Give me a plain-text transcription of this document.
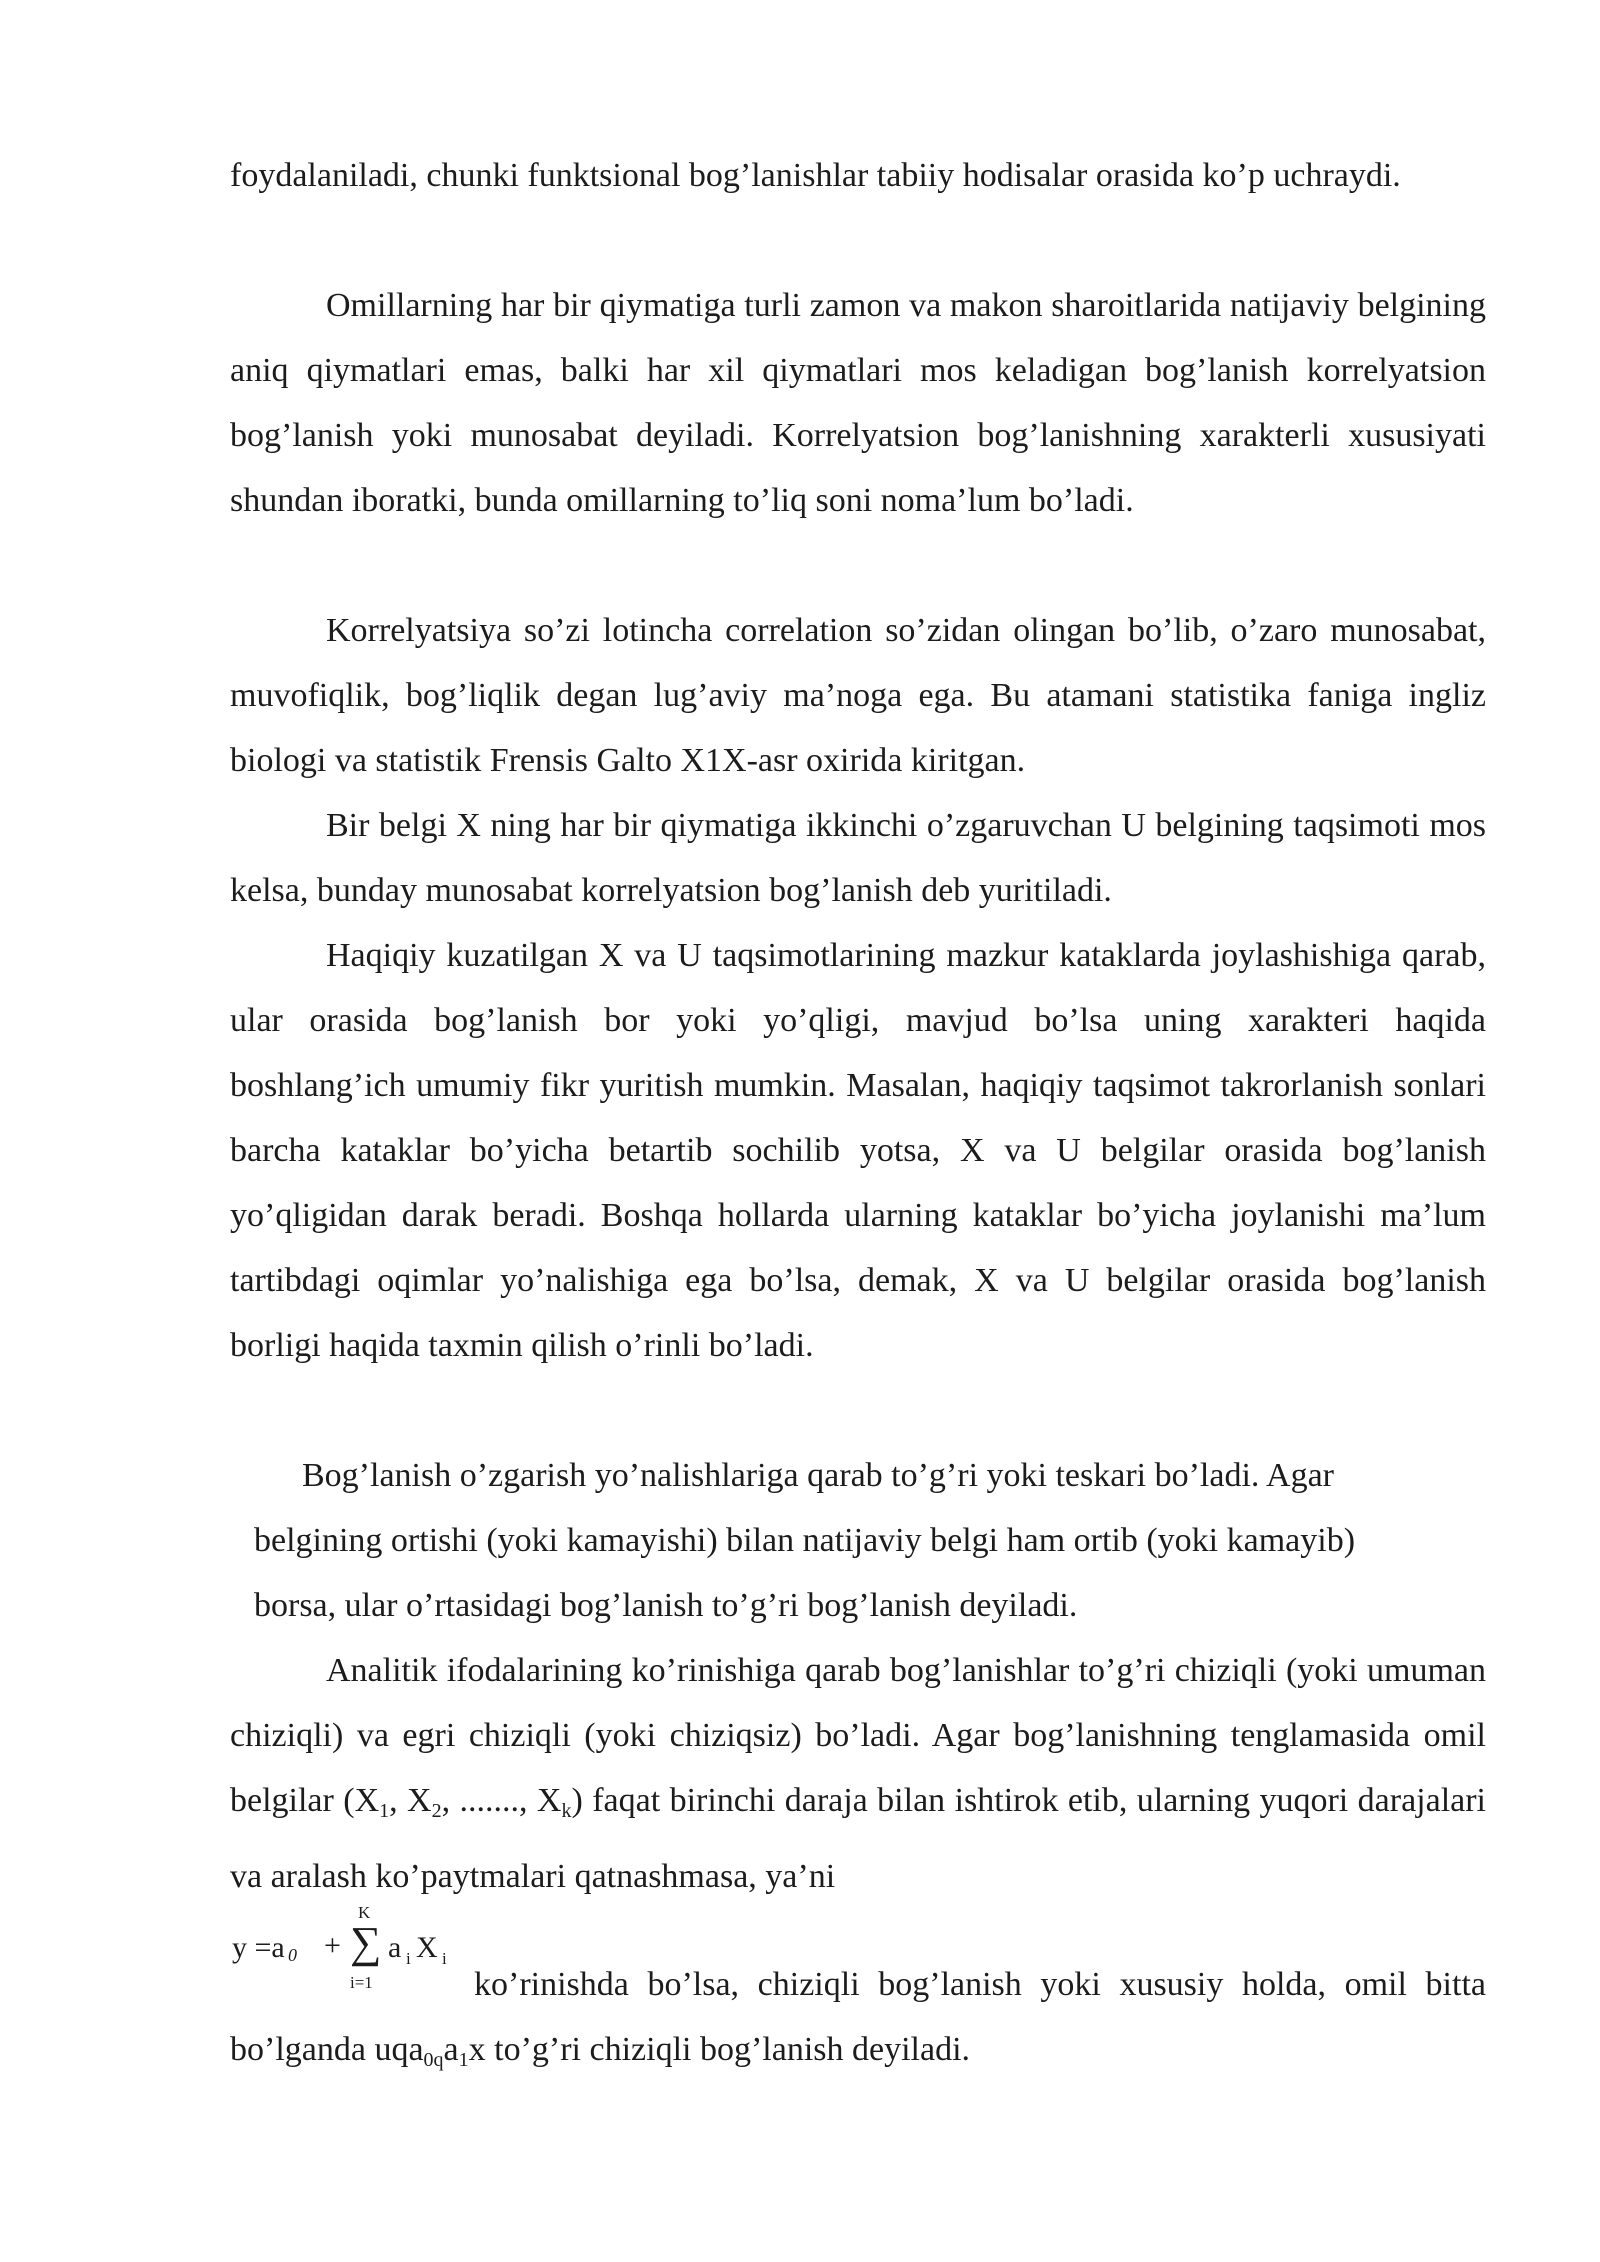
foydalaniladi, chunki funktsional bog’lanishlar tabiiy hodisalar orasida ko’p uchraydi.

Omillarning har bir qiymatiga turli zamon va makon sharoitlarida natijaviy belgining aniq qiymatlari emas, balki har xil qiymatlari mos keladigan bog’lanish korrelyatsion bog’lanish yoki munosabat deyiladi. Korrelyatsion bog’lanishning xarakterli xususiyati shundan iboratki, bunda omillarning to’liq soni noma’lum bo’ladi.

Korrelyatsiya so’zi lotincha correlation so’zidan olingan bo’lib, o’zaro munosabat, muvofiqlik, bog’liqlik degan lug’aviy ma’noga ega. Bu atamani statistika faniga ingliz biologi va statistik Frensis Galto X1X-asr oxirida kiritgan.

Bir belgi X ning har bir qiymatiga ikkinchi o’zgaruvchan U belgining taqsimoti mos kelsa, bunday munosabat korrelyatsion bog’lanish deb yuritiladi.

Haqiqiy kuzatilgan X va U taqsimotlarining mazkur kataklarda joylashishiga qarab, ular orasida bog’lanish bor yoki yo’qligi, mavjud bo’lsa uning xarakteri haqida boshlang’ich umumiy fikr yuritish mumkin. Masalan, haqiqiy taqsimot takrorlanish sonlari barcha kataklar bo’yicha betartib sochilib yotsa, X va U belgilar orasida bog’lanish yo’qligidan darak beradi. Boshqa hollarda ularning kataklar bo’yicha joylanishi ma’lum tartibdagi oqimlar yo’nalishiga ega bo’lsa, demak, X va U belgilar orasida bog’lanish borligi haqida taxmin qilish o’rinli bo’ladi.

Bog’lanish o’zgarish yo’nalishlariga qarab to’g’ri yoki teskari bo’ladi. Agar

belgining ortishi (yoki kamayishi) bilan natijaviy belgi ham ortib (yoki kamayib)

borsa, ular o’rtasidagi bog’lanish to’g’ri bog’lanish deyiladi.

Analitik ifodalarining ko’rinishiga qarab bog’lanishlar to’g’ri chiziqli (yoki umuman chiziqli) va egri chiziqli (yoki chiziqsiz) bo’ladi. Agar bog’lanishning tenglamasida omil belgilar ($X_1$, $X_2$, ......., $X_k$) faqat birinchi daraja bilan ishtirok etib, ularning yuqori darajalari va aralash ko’paytmalari qatnashmasa, ya’ni

y =a 0 +
K
∑
i=1
a i X i

ko’rinishda bo’lsa, chiziqli bog’lanish yoki xususiy holda, omil bitta bo’lganda $uqa_{0q}a_1x$ to’g’ri chiziqli bog’lanish deyiladi.
